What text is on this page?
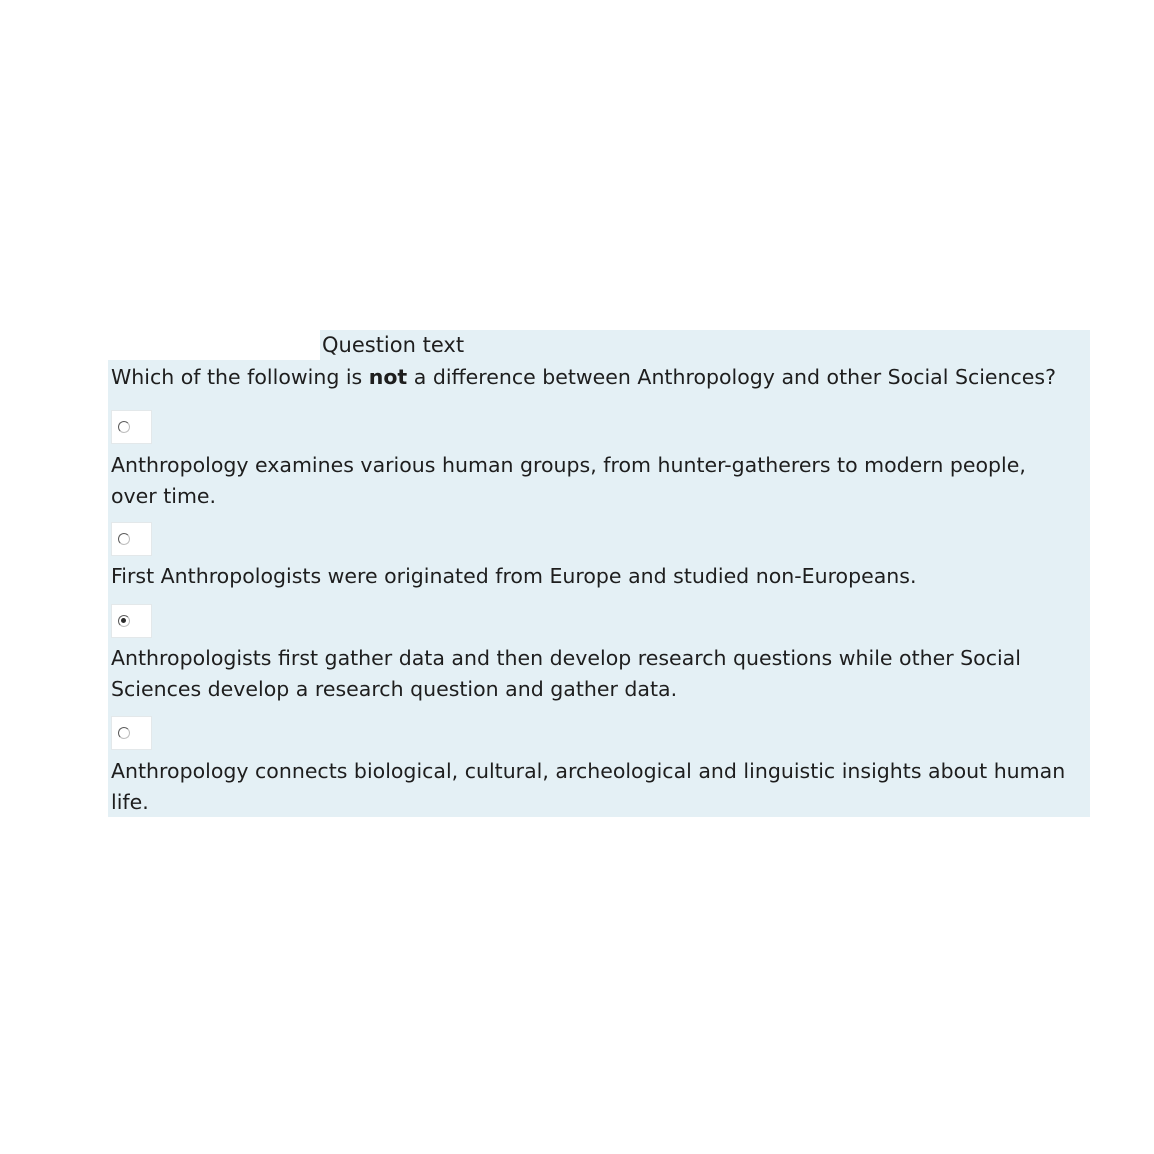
Question text
Which of the following is not a difference between Anthropology and other Social Sciences?
Anthropology examines various human groups, from hunter-gatherers to modern people, over time.
First Anthropologists were originated from Europe and studied non-Europeans.
Anthropologists first gather data and then develop research questions while other Social Sciences develop a research question and gather data.
Anthropology connects biological, cultural, archeological and linguistic insights about human life.
